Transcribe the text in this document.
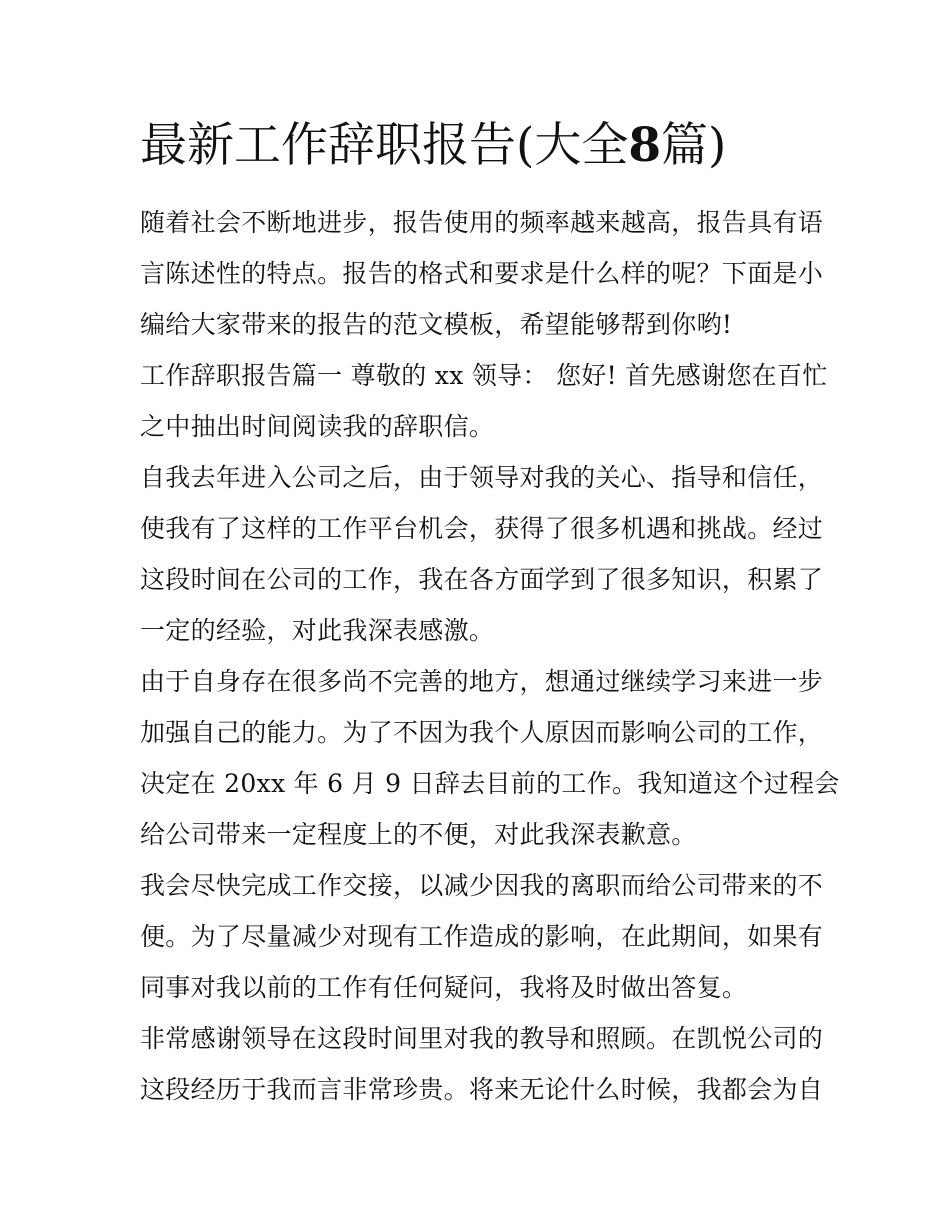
最新工作辞职报告(大全8篇)
随着社会不断地进步，报告使用的频率越来越高，报告具有语
言陈述性的特点。报告的格式和要求是什么样的呢？下面是小
编给大家带来的报告的范文模板，希望能够帮到你哟!
工作辞职报告篇一 尊敬的 xx 领导： 您好! 首先感谢您在百忙
之中抽出时间阅读我的辞职信。
自我去年进入公司之后，由于领导对我的关心、指导和信任，
使我有了这样的工作平台机会，获得了很多机遇和挑战。经过
这段时间在公司的工作，我在各方面学到了很多知识，积累了
一定的经验，对此我深表感激。
由于自身存在很多尚不完善的地方，想通过继续学习来进一步
加强自己的能力。为了不因为我个人原因而影响公司的工作，
决定在 20xx 年 6 月 9 日辞去目前的工作。我知道这个过程会
给公司带来一定程度上的不便，对此我深表歉意。
我会尽快完成工作交接，以减少因我的离职而给公司带来的不
便。为了尽量减少对现有工作造成的影响，在此期间，如果有
同事对我以前的工作有任何疑问，我将及时做出答复。
非常感谢领导在这段时间里对我的教导和照顾。在凯悦公司的
这段经历于我而言非常珍贵。将来无论什么时候，我都会为自
